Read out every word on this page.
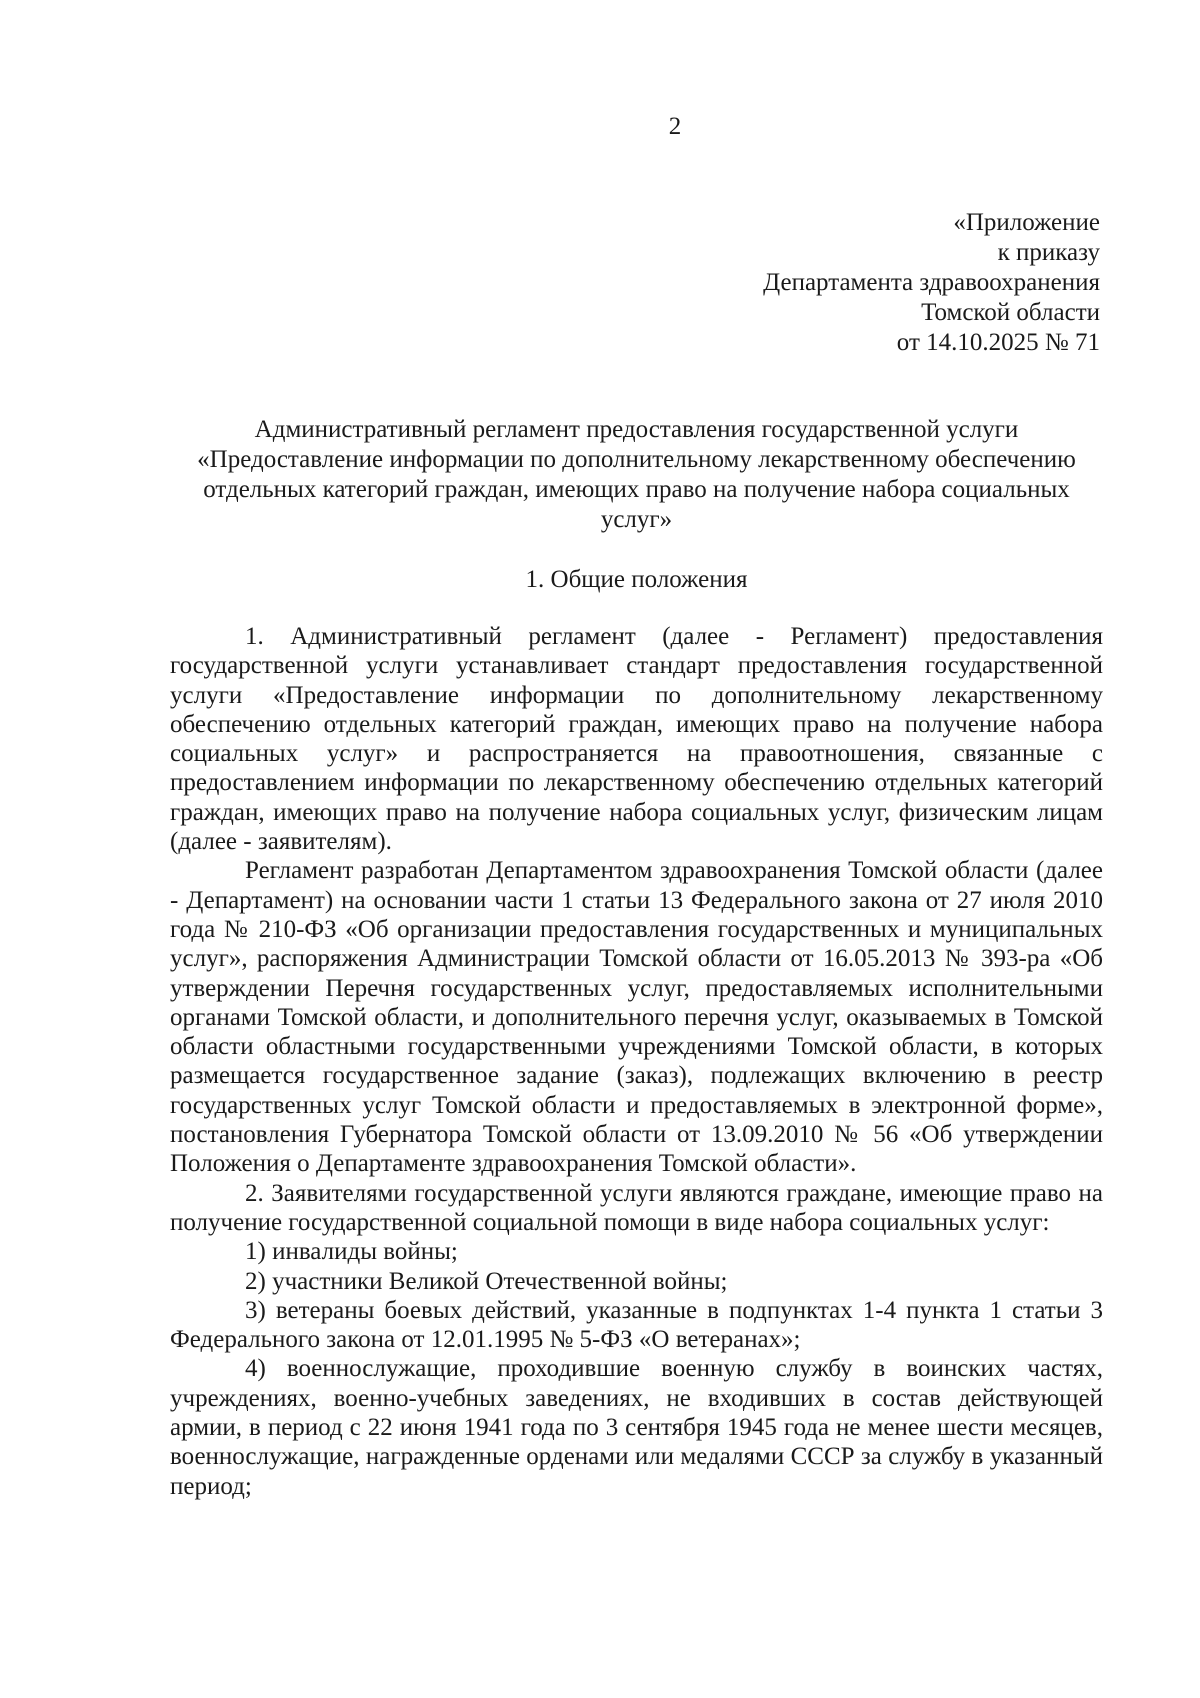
2
«Приложение
к приказу
Департамента здравоохранения
Томской области
от 14.10.2025 № 71
Административный регламент предоставления государственной услуги
«Предоставление информации по дополнительному лекарственному обеспечению
отдельных категорий граждан, имеющих право на получение набора социальных
услуг»
1. Общие положения

1. Административный регламент (далее - Регламент) предоставления государственной услуги устанавливает стандарт предоставления государственной услуги «Предоставление информации по дополнительному лекарственному обеспечению отдельных категорий граждан, имеющих право на получение набора социальных услуг» и распространяется на правоотношения, связанные с предоставлением информации по лекарственному обеспечению отдельных категорий граждан, имеющих право на получение набора социальных услуг, физическим лицам (далее - заявителям).

Регламент разработан Департаментом здравоохранения Томской области (далее - Департамент) на основании части 1 статьи 13 Федерального закона от 27 июля 2010 года № 210-ФЗ «Об организации предоставления государственных и муниципальных услуг», распоряжения Администрации Томской области от 16.05.2013 № 393-ра «Об утверждении Перечня государственных услуг, предоставляемых исполнительными органами Томской области, и дополнительного перечня услуг, оказываемых в Томской области областными государственными учреждениями Томской области, в которых размещается государственное задание (заказ), подлежащих включению в реестр государственных услуг Томской области и предоставляемых в электронной форме», постановления Губернатора Томской области от 13.09.2010 № 56 «Об утверждении Положения о Департаменте здравоохранения Томской области».

2. Заявителями государственной услуги являются граждане, имеющие право на получение государственной социальной помощи в виде набора социальных услуг:

1) инвалиды войны;

2) участники Великой Отечественной войны;

3) ветераны боевых действий, указанные в подпунктах 1-4 пункта 1 статьи 3 Федерального закона от 12.01.1995 № 5-ФЗ «О ветеранах»;

4) военнослужащие, проходившие военную службу в воинских частях, учреждениях, военно-учебных заведениях, не входивших в состав действующей армии, в период с 22 июня 1941 года по 3 сентября 1945 года не менее шести месяцев, военнослужащие, награжденные орденами или медалями СССР за службу в указанный период;
